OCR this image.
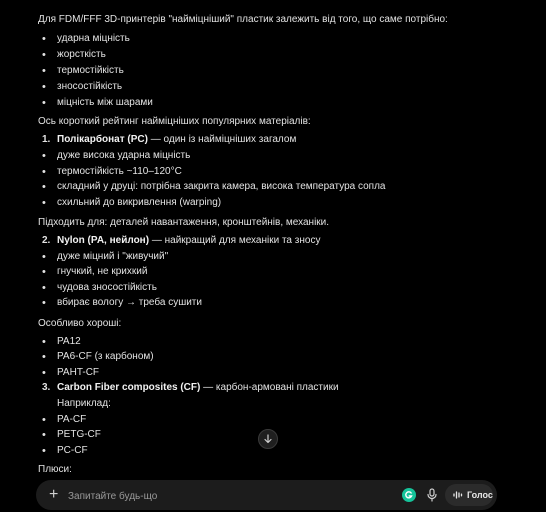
Для FDM/FFF 3D-принтерів "найміцніший" пластик залежить від того, що саме потрібно:
• ударна міцність
• жорсткість
• термостійкість
• зносостійкість
• міцність між шарами
Ось короткий рейтинг найміцніших популярних матеріалів:
1. Полікарбонат (PC) — один із найміцніших загалом
• дуже висока ударна міцність
• термостійкість ~110–120°C
• складний у друці: потрібна закрита камера, висока температура сопла
• схильний до викривлення (warping)
Підходить для: деталей навантаження, кронштейнів, механіки.
2. Nylon (PA, нейлон) — найкращий для механіки та зносу
• дуже міцний і "живучий"
• гнучкий, не крихкий
• чудова зносостійкість
• вбирає вологу → треба сушити
Особливо хороші:
• PA12
• PA6-CF (з карбоном)
• PAHT-CF
3. Carbon Fiber composites (CF) — карбон-армовані пластики
Наприклад:
• PA-CF
• PETG-CF
• PC-CF
Плюси:
+
Запитайте будь-що	Голос
